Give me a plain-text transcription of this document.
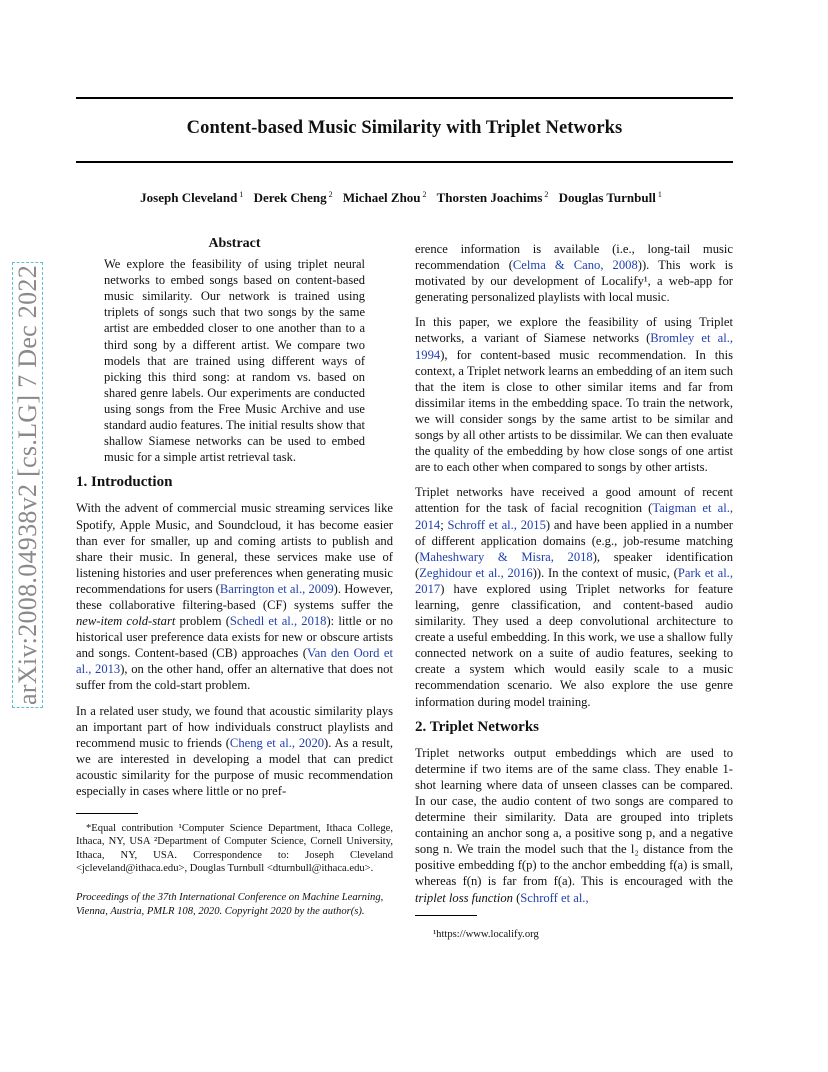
Content-based Music Similarity with Triplet Networks
Joseph Cleveland $^1$ Derek Cheng $^2$ Michael Zhou $^2$ Thorsten Joachims $^2$ Douglas Turnbull $^1$
arXiv:2008.04938v2 [cs.LG] 7 Dec 2022
Abstract

We explore the feasibility of using triplet neural networks to embed songs based on content-based music similarity. Our network is trained using triplets of songs such that two songs by the same artist are embedded closer to one another than to a third song by a different artist. We compare two models that are trained using different ways of picking this third song: at random vs. based on shared genre labels. Our experiments are conducted using songs from the Free Music Archive and use standard audio features. The initial results show that shallow Siamese networks can be used to embed music for a simple artist retrieval task.

1. Introduction

With the advent of commercial music streaming services like Spotify, Apple Music, and Soundcloud, it has become easier than ever for smaller, up and coming artists to publish and share their music. In general, these services make use of listening histories and user preferences when generating music recommendations for users (Barrington et al., 2009). However, these collaborative filtering-based (CF) systems suffer the new-item cold-start problem (Schedl et al., 2018): little or no historical user preference data exists for new or obscure artists and songs. Content-based (CB) approaches (Van den Oord et al., 2013), on the other hand, offer an alternative that does not suffer from the cold-start problem.

In a related user study, we found that acoustic similarity plays an important part of how individuals construct playlists and recommend music to friends (Cheng et al., 2020). As a result, we are interested in developing a model that can predict acoustic similarity for the purpose of music recommendation especially in cases where little or no pref-

*Equal contribution ¹Computer Science Department, Ithaca College, Ithaca, NY, USA ²Department of Computer Science, Cornell University, Ithaca, NY, USA. Correspondence to: Joseph Cleveland <jcleveland@ithaca.edu>, Douglas Turnbull <dturnbull@ithaca.edu>.

Proceedings of the 37th International Conference on Machine Learning, Vienna, Austria, PMLR 108, 2020. Copyright 2020 by the author(s).

erence information is available (i.e., long-tail music recommendation (Celma & Cano, 2008)). This work is motivated by our development of Localify¹, a web-app for generating personalized playlists with local music.

In this paper, we explore the feasibility of using Triplet networks, a variant of Siamese networks (Bromley et al., 1994), for content-based music recommendation. In this context, a Triplet network learns an embedding of an item such that the item is close to other similar items and far from dissimilar items in the embedding space. To train the network, we will consider songs by the same artist to be similar and songs by all other artists to be dissimilar. We can then evaluate the quality of the embedding by how close songs of one artist are to each other when compared to songs by other artists.

Triplet networks have received a good amount of recent attention for the task of facial recognition (Taigman et al., 2014; Schroff et al., 2015) and have been applied in a number of different application domains (e.g., job-resume matching (Maheshwary & Misra, 2018), speaker identification (Zeghidour et al., 2016)). In the context of music, (Park et al., 2017) have explored using Triplet networks for feature learning, genre classification, and content-based audio similarity. They used a deep convolutional architecture to create a useful embedding. In this work, we use a shallow fully connected network on a suite of audio features, seeking to create a system which would easily scale to a music recommendation scenario. We also explore the use genre information during model training.

2. Triplet Networks

Triplet networks output embeddings which are used to determine if two items are of the same class. They enable 1-shot learning where data of unseen classes can be compared. In our case, the audio content of two songs are compared to determine their similarity. Data are grouped into triplets containing an anchor song a, a positive song p, and a negative song n. We train the model such that the l₂ distance from the positive embedding f(p) to the anchor embedding f(a) is small, whereas f(n) is far from f(a). This is encouraged with the triplet loss function (Schroff et al.,

¹https://www.localify.org
